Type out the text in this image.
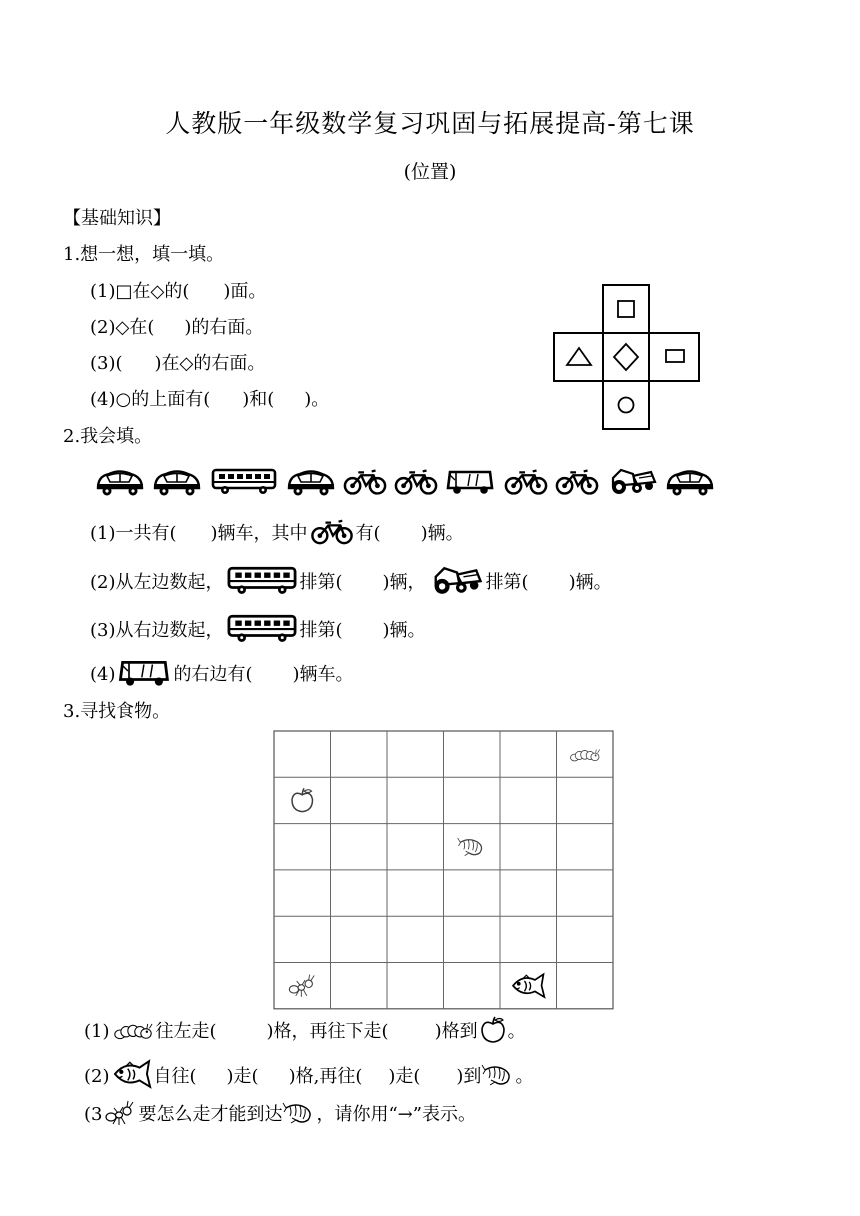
人教版一年级数学复习巩固与拓展提高-第七课
(位置)
【基础知识】
1.想一想，填一填。
(1)□在◇的( )面。
(2)◇在( )的右面。
(3)( )在◇的右面。
(4)○的上面有( )和( )。
2.我会填。
(1)一共有( )辆车，其中	有( )辆。
(2)从左边数起，	排第( )辆，	排第( )辆。
(3)从右边数起，	排第( )辆。
(4)	的右边有( )辆车。
3.寻找食物。
(1)	往左走(	)格，再往下走(	)格到 。
(2) 自往( )走( )格,再往( )走( )到 。
(3 要怎么走才能到达 ，请你用“→”表示。
